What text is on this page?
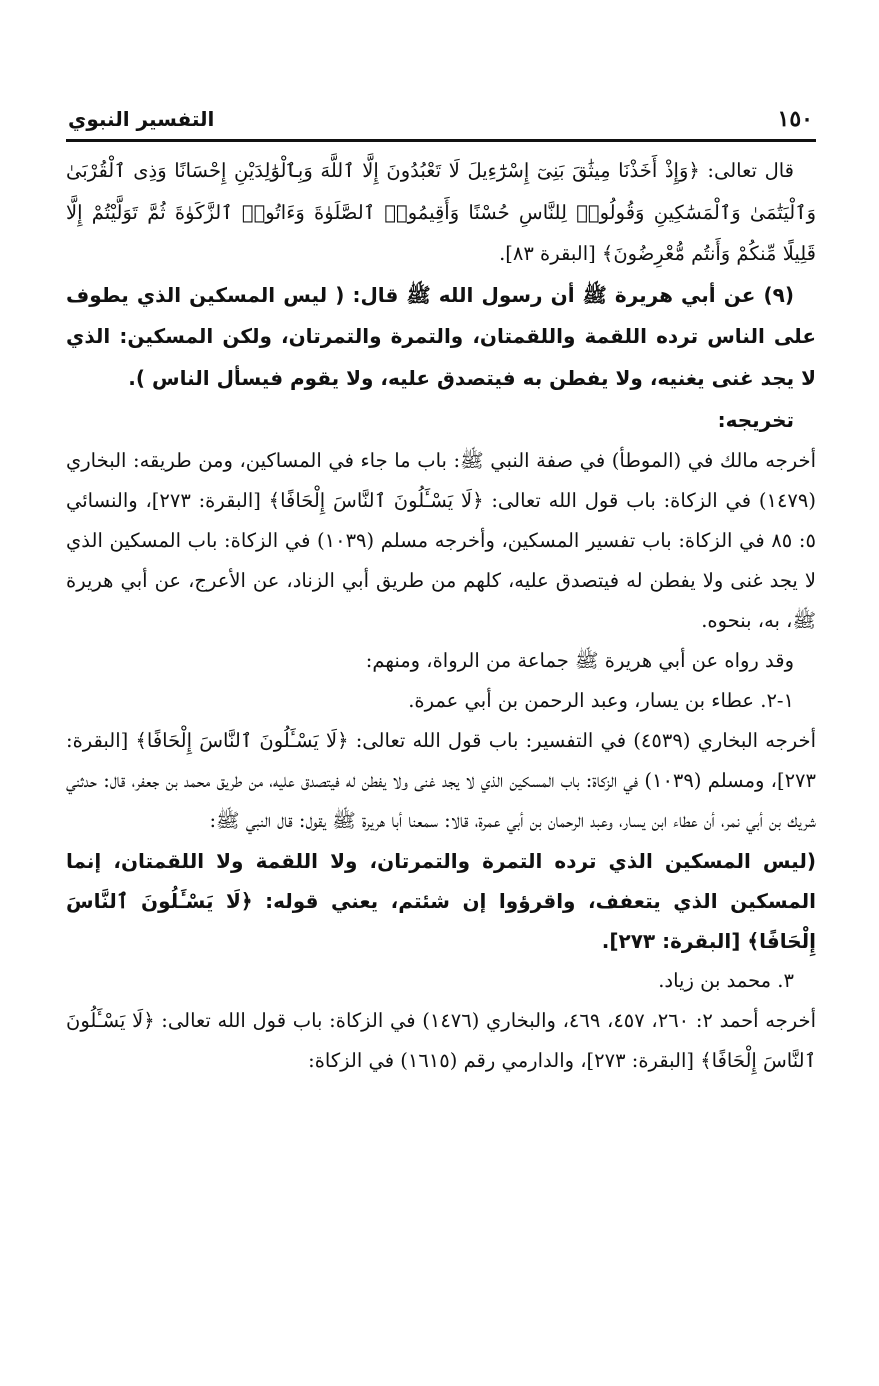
١٥٠
التفسير النبوي

قال تعالى: ﴿وَإِذْ أَخَذْنَا مِيثَٰقَ بَنِىٓ إِسْرَٰٓءِيلَ لَا تَعْبُدُونَ إِلَّا ٱللَّهَ وَبِٱلْوَٰلِدَيْنِ إِحْسَانًا وَذِى ٱلْقُرْبَىٰ وَٱلْيَتَٰمَىٰ وَٱلْمَسَٰكِينِ وَقُولُوا۟ لِلنَّاسِ حُسْنًا وَأَقِيمُوا۟ ٱلصَّلَوٰةَ وَءَاتُوا۟ ٱلزَّكَوٰةَ ثُمَّ تَوَلَّيْتُمْ إِلَّا قَلِيلًا مِّنكُمْ وَأَنتُم مُّعْرِضُونَ﴾ [البقرة ٨٣].

(٩) عن أبي هريرة ﷺ أن رسول الله ﷺ قال: ( ليس المسكين الذي يطوف على الناس ترده اللقمة واللقمتان، والتمرة والتمرتان، ولكن المسكين: الذي لا يجد غنى يغنيه، ولا يفطن به فيتصدق عليه، ولا يقوم فيسأل الناس ).

تخريجه:

أخرجه مالك في (الموطأ) في صفة النبي ﷺ: باب ما جاء في المساكين، ومن طريقه: البخاري (١٤٧٩) في الزكاة: باب قول الله تعالى: ﴿لَا يَسْـَٔلُونَ ٱلنَّاسَ إِلْحَافًا﴾ [البقرة: ٢٧٣]، والنسائي ٥: ٨٥ في الزكاة: باب تفسير المسكين، وأخرجه مسلم (١٠٣٩) في الزكاة: باب المسكين الذي لا يجد غنى ولا يفطن له فيتصدق عليه، كلهم من طريق أبي الزناد، عن الأعرج، عن أبي هريرة ﷺ، به، بنحوه.

وقد رواه عن أبي هريرة ﷺ جماعة من الرواة، ومنهم:

١-٢. عطاء بن يسار، وعبد الرحمن بن أبي عمرة.

أخرجه البخاري (٤٥٣٩) في التفسير: باب قول الله تعالى: ﴿لَا يَسْـَٔلُونَ ٱلنَّاسَ إِلْحَافًا﴾ [البقرة: ٢٧٣]، ومسلم (١٠٣٩) في الزكاة: باب المسكين الذي لا يجد غنى ولا يفطن له فيتصدق عليه، من طريق محمد بن جعفر، قال: حدثني شريك بن أبي نمر، أن عطاء ابن يسار، وعبد الرحمان بن أبي عمرة، قالا: سمعنا أبا هريرة ﷺ يقول: قال النبي ﷺ:

(ليس المسكين الذي ترده التمرة والتمرتان، ولا اللقمة ولا اللقمتان، إنما المسكين الذي يتعفف، واقرؤوا إن شئتم، يعني قوله: ﴿لَا يَسْـَٔلُونَ ٱلنَّاسَ إِلْحَافًا﴾ [البقرة: ٢٧٣].

٣. محمد بن زياد.

أخرجه أحمد ٢: ٢٦٠، ٤٥٧، ٤٦٩، والبخاري (١٤٧٦) في الزكاة: باب قول الله تعالى: ﴿لَا يَسْـَٔلُونَ ٱلنَّاسَ إِلْحَافًا﴾ [البقرة: ٢٧٣]، والدارمي رقم (١٦١٥) في الزكاة:
